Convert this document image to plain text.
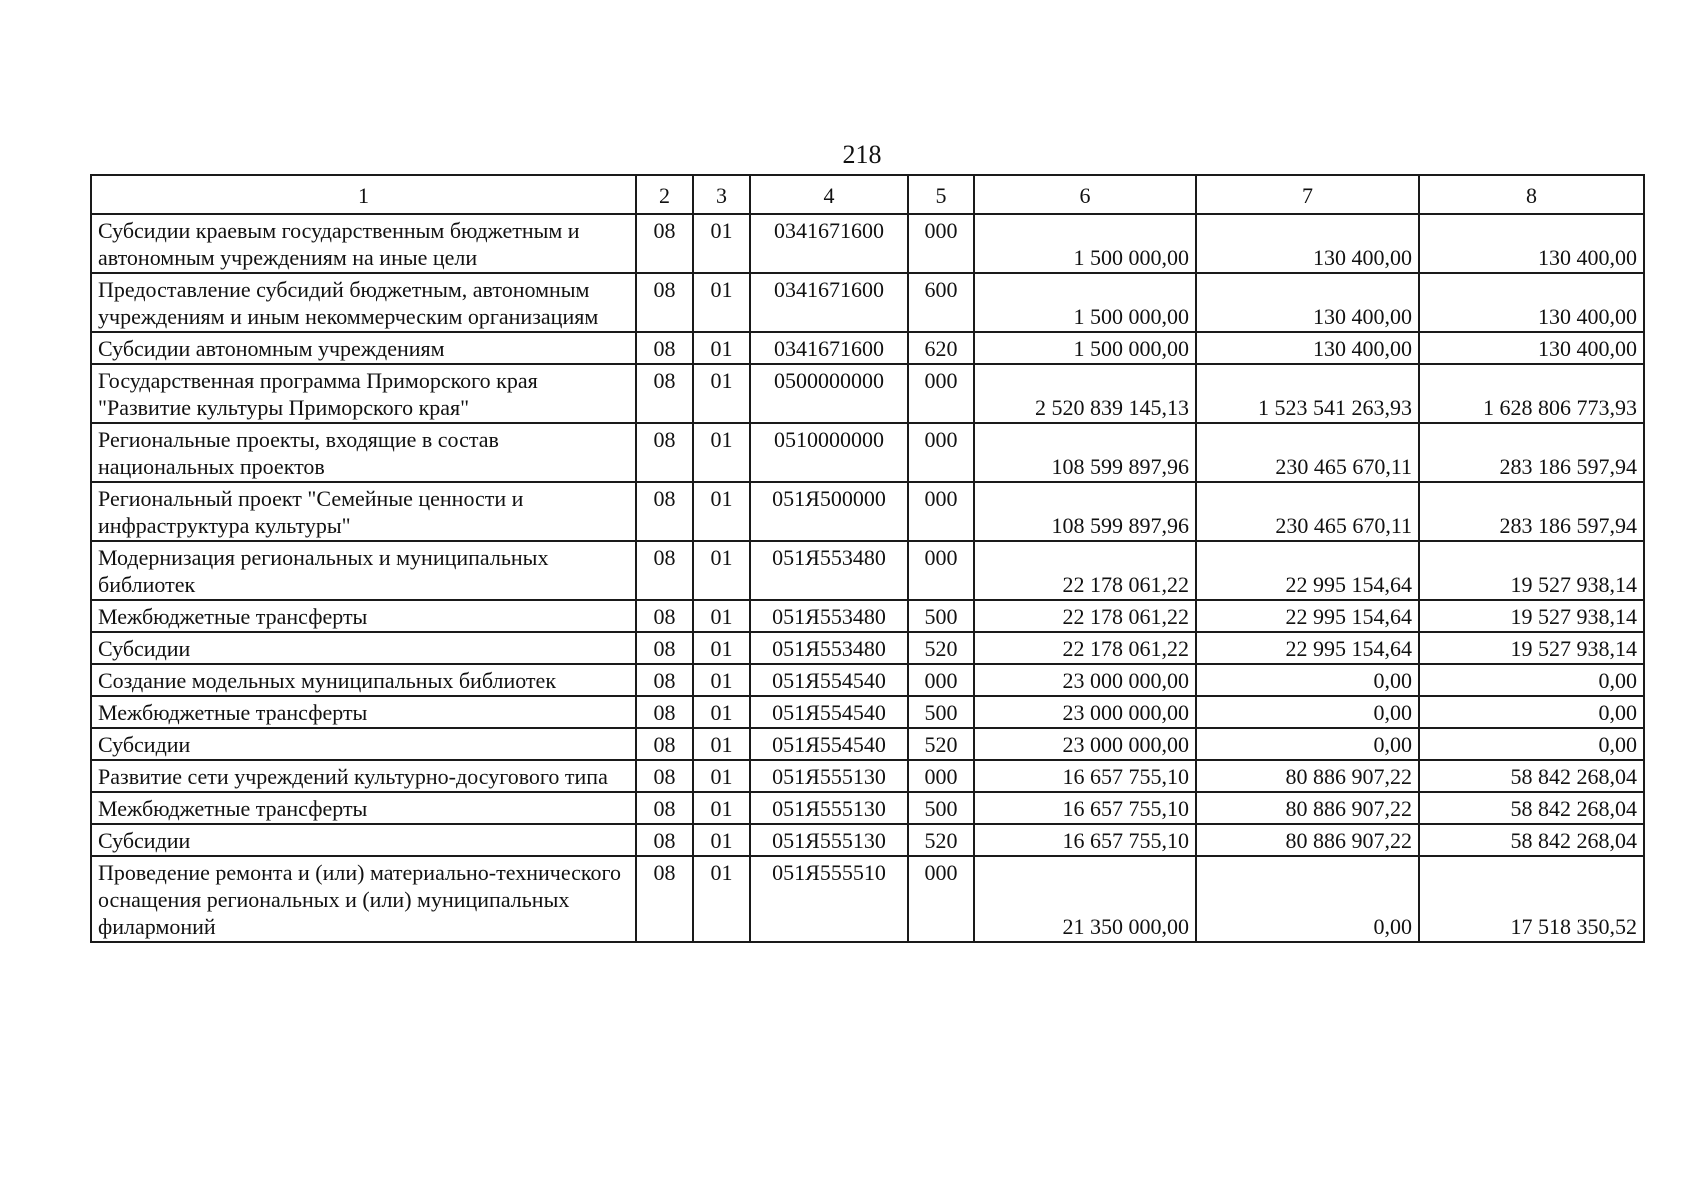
218
1	2	3	4	5	6	7	8
Субсидии краевым государственным бюджетным и автономным учреждениям на иные цели	08	01	0341671600	000	1 500 000,00	130 400,00	130 400,00
Предоставление субсидий бюджетным, автономным учреждениям и иным некоммерческим организациям	08	01	0341671600	600	1 500 000,00	130 400,00	130 400,00
Субсидии автономным учреждениям	08	01	0341671600	620	1 500 000,00	130 400,00	130 400,00
Государственная программа Приморского края "Развитие культуры Приморского края"	08	01	0500000000	000	2 520 839 145,13	1 523 541 263,93	1 628 806 773,93
Региональные проекты, входящие в состав национальных проектов	08	01	0510000000	000	108 599 897,96	230 465 670,11	283 186 597,94
Региональный проект "Семейные ценности и инфраструктура культуры"	08	01	051Я500000	000	108 599 897,96	230 465 670,11	283 186 597,94
Модернизация региональных и муниципальных библиотек	08	01	051Я553480	000	22 178 061,22	22 995 154,64	19 527 938,14
Межбюджетные трансферты	08	01	051Я553480	500	22 178 061,22	22 995 154,64	19 527 938,14
Субсидии	08	01	051Я553480	520	22 178 061,22	22 995 154,64	19 527 938,14
Создание модельных муниципальных библиотек	08	01	051Я554540	000	23 000 000,00	0,00	0,00
Межбюджетные трансферты	08	01	051Я554540	500	23 000 000,00	0,00	0,00
Субсидии	08	01	051Я554540	520	23 000 000,00	0,00	0,00
Развитие сети учреждений культурно-досугового типа	08	01	051Я555130	000	16 657 755,10	80 886 907,22	58 842 268,04
Межбюджетные трансферты	08	01	051Я555130	500	16 657 755,10	80 886 907,22	58 842 268,04
Субсидии	08	01	051Я555130	520	16 657 755,10	80 886 907,22	58 842 268,04
Проведение ремонта и (или) материально-технического оснащения региональных и (или) муниципальных филармоний	08	01	051Я555510	000	21 350 000,00	0,00	17 518 350,52
